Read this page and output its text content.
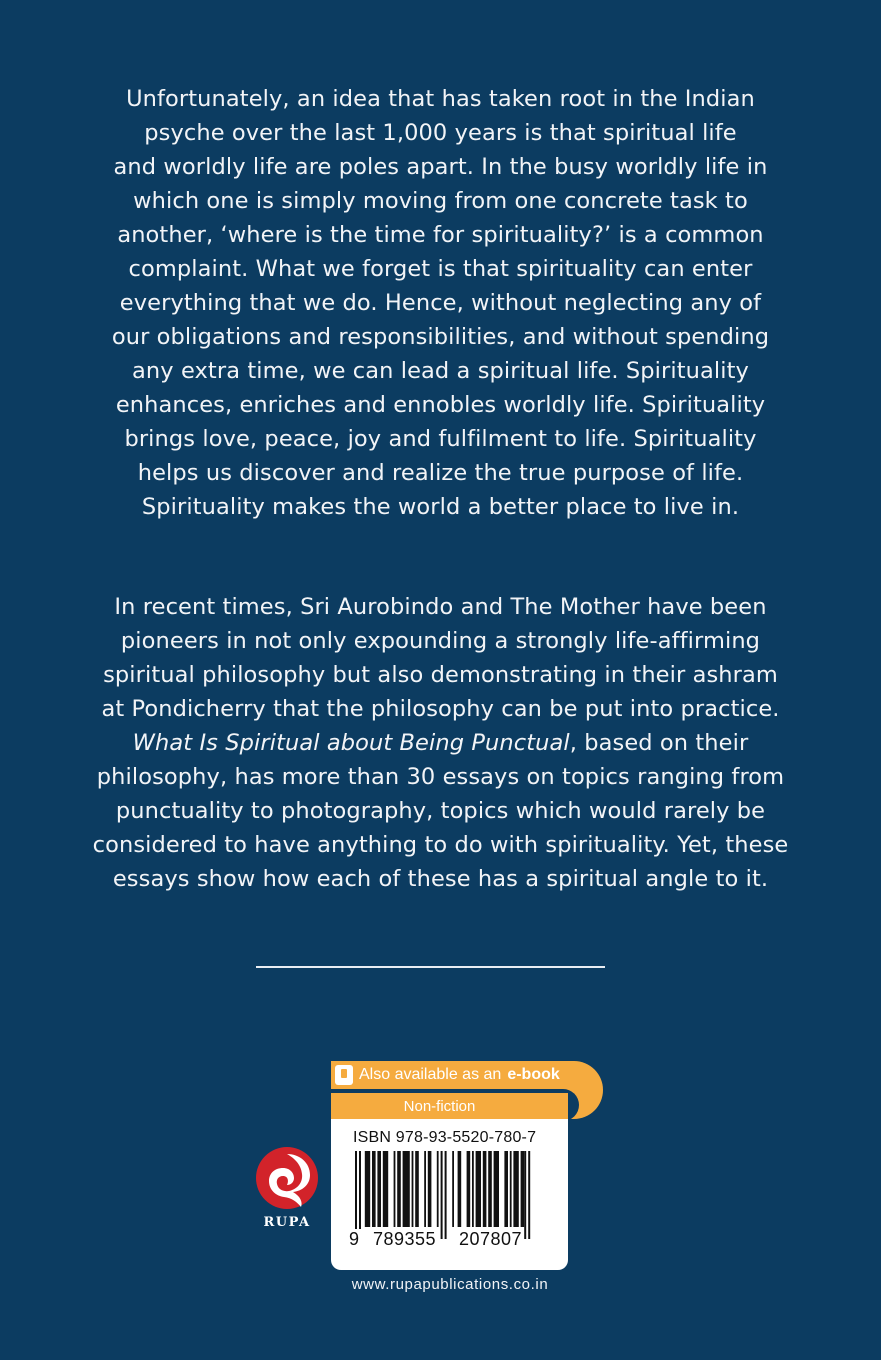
Unfortunately, an idea that has taken root in the Indian
psyche over the last 1,000 years is that spiritual life
and worldly life are poles apart. In the busy worldly life in
which one is simply moving from one concrete task to
another, ‘where is the time for spirituality?’ is a common
complaint. What we forget is that spirituality can enter
everything that we do. Hence, without neglecting any of
our obligations and responsibilities, and without spending
any extra time, we can lead a spiritual life. Spirituality
enhances, enriches and ennobles worldly life. Spirituality
brings love, peace, joy and fulfilment to life. Spirituality
helps us discover and realize the true purpose of life.
Spirituality makes the world a better place to live in.
In recent times, Sri Aurobindo and The Mother have been
pioneers in not only expounding a strongly life-affirming
spiritual philosophy but also demonstrating in their ashram
at Pondicherry that the philosophy can be put into practice.
What Is Spiritual about Being Punctual, based on their
philosophy, has more than 30 essays on topics ranging from
punctuality to photography, topics which would rarely be
considered to have anything to do with spirituality. Yet, these
essays show how each of these has a spiritual angle to it.
Also available as an e-book
Non-fiction
ISBN 978-93-5520-780-7
9 789355 207807
RUPA
www.rupapublications.co.in
